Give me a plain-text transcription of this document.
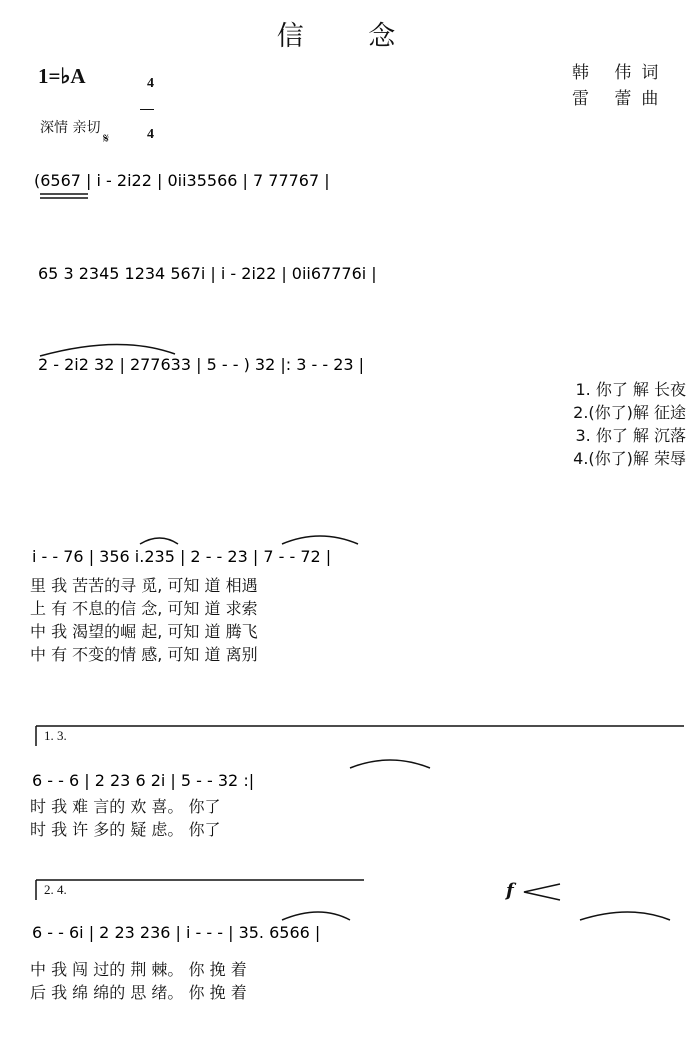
信 念
1=♭A	4

4

韩 伟词
雷 蕾曲
深情 亲切
𝄋
(6567 | i - 2i22 | 0ii35566 | 7 77767 |
65 3 2345 1234 567i | i - 2i22 | 0ii67776i |
2 - 2i2 32 | 277633 | 5 - - ) 32 |: 3 - - 23 |
1. 你了 解 长夜
2.(你了)解 征途
3. 你了 解 沉落
4.(你了)解 荣辱
i - - 76 | 356 i.235 | 2 - - 23 | 7 - - 72 |
里 我 苦苦的寻 觅, 可知 道 相遇
上 有 不息的信 念, 可知 道 求索
中 我 渴望的崛 起, 可知 道 腾飞
中 有 不变的情 感, 可知 道 离别
1. 3.
6 - - 6 | 2 23 6 2i | 5 - - 32 :|
时 我 难 言的 欢 喜。 你了
时 我 许 多的 疑 虑。 你了
2. 4.	f
6 - - 6i | 2 23 236 | i - - - | 35. 6566 |
中 我 闯 过的 荆 棘。 你 挽 着
后 我 绵 绵的 思 绪。 你 挽 着
